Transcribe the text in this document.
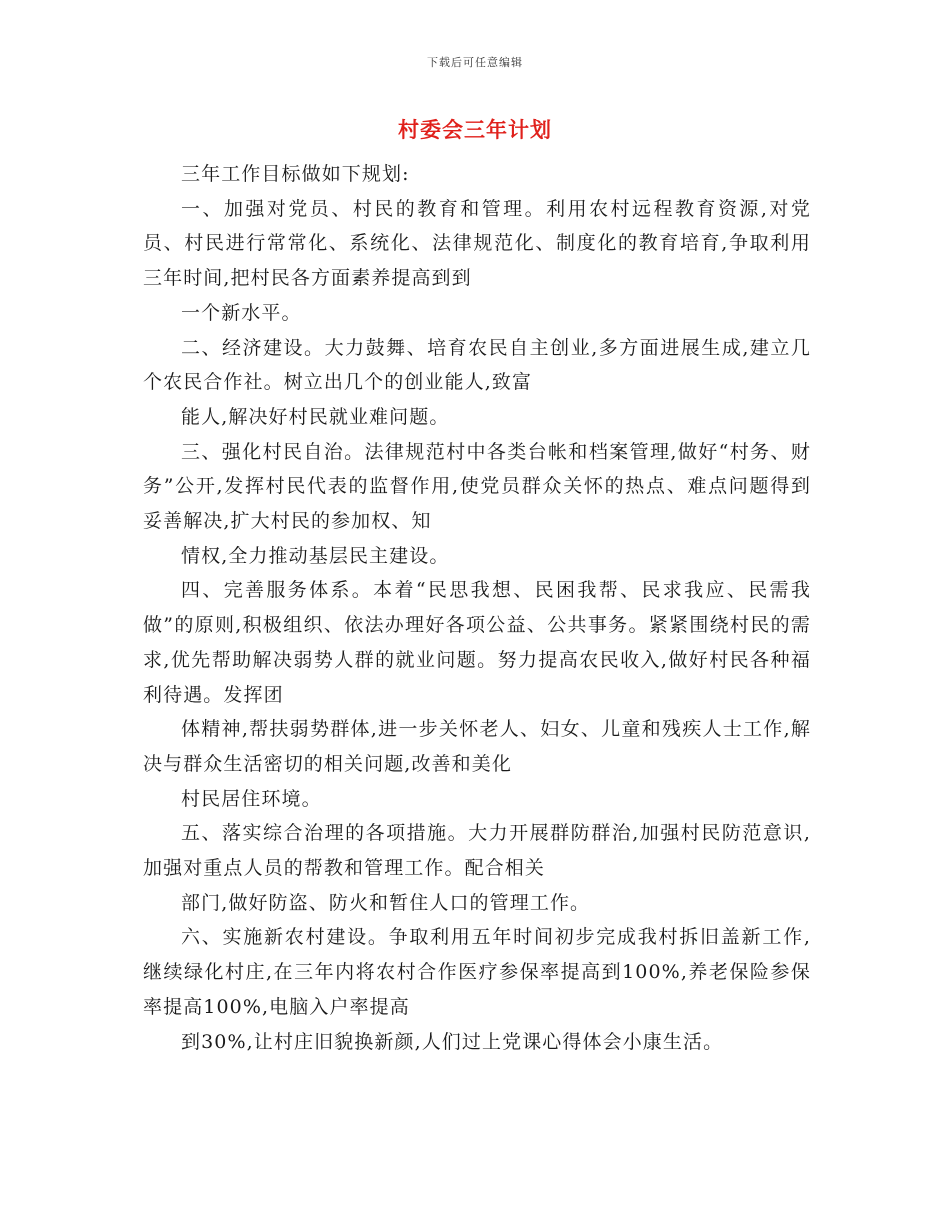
下载后可任意编辑
村委会三年计划

三年工作目标做如下规划:

一、加强对党员、村民的教育和管理。利用农村远程教育资源,对党员、村民进行常常化、系统化、法律规范化、制度化的教育培育,争取利用三年时间,把村民各方面素养提高到到

一个新水平。

二、经济建设。大力鼓舞、培育农民自主创业,多方面进展生成,建立几个农民合作社。树立出几个的创业能人,致富

能人,解决好村民就业难问题。

三、强化村民自治。法律规范村中各类台帐和档案管理,做好“村务、财务”公开,发挥村民代表的监督作用,使党员群众关怀的热点、难点问题得到妥善解决,扩大村民的参加权、知

情权,全力推动基层民主建设。

四、完善服务体系。本着“民思我想、民困我帮、民求我应、民需我做”的原则,积极组织、依法办理好各项公益、公共事务。紧紧围绕村民的需求,优先帮助解决弱势人群的就业问题。努力提高农民收入,做好村民各种福利待遇。发挥团

体精神,帮扶弱势群体,进一步关怀老人、妇女、儿童和残疾人士工作,解决与群众生活密切的相关问题,改善和美化

村民居住环境。

五、落实综合治理的各项措施。大力开展群防群治,加强村民防范意识,加强对重点人员的帮教和管理工作。配合相关

部门,做好防盗、防火和暂住人口的管理工作。

六、实施新农村建设。争取利用五年时间初步完成我村拆旧盖新工作,继续绿化村庄,在三年内将农村合作医疗参保率提高到100%,养老保险参保率提高100%,电脑入户率提高

到30%,让村庄旧貌换新颜,人们过上党课心得体会小康生活。
